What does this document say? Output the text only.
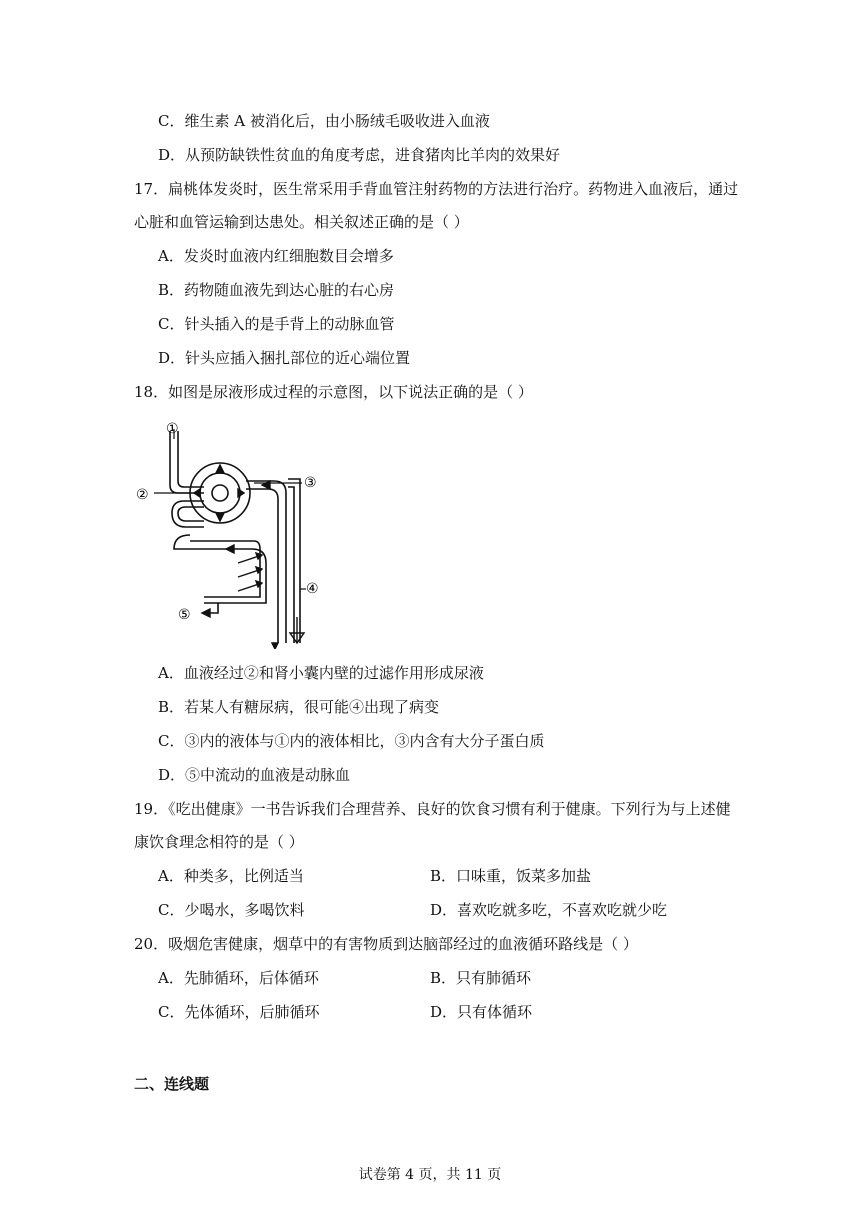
C．维生素 A 被消化后，由小肠绒毛吸收进入血液
D．从预防缺铁性贫血的角度考虑，进食猪肉比羊肉的效果好
17．扁桃体发炎时，医生常采用手背血管注射药物的方法进行治疗。药物进入血液后，通过
心脏和血管运输到达患处。相关叙述正确的是（ ）
A．发炎时血液内红细胞数目会增多
B．药物随血液先到达心脏的右心房
C．针头插入的是手背上的动脉血管
D．针头应插入捆扎部位的近心端位置
18．如图是尿液形成过程的示意图，以下说法正确的是（ ）
①
②
③
④
⑤
A．血液经过②和肾小囊内壁的过滤作用形成尿液
B．若某人有糖尿病，很可能④出现了病变
C．③内的液体与①内的液体相比，③内含有大分子蛋白质
D．⑤中流动的血液是动脉血
19．《吃出健康》一书告诉我们合理营养、良好的饮食习惯有利于健康。下列行为与上述健
康饮食理念相符的是（ ）
A．种类多，比例适当	B．口味重，饭菜多加盐
C．少喝水，多喝饮料	D．喜欢吃就多吃，不喜欢吃就少吃
20．吸烟危害健康，烟草中的有害物质到达脑部经过的血液循环路线是（ ）
A．先肺循环，后体循环	B．只有肺循环
C．先体循环，后肺循环	D．只有体循环
二、连线题
试卷第 4 页，共 11 页
